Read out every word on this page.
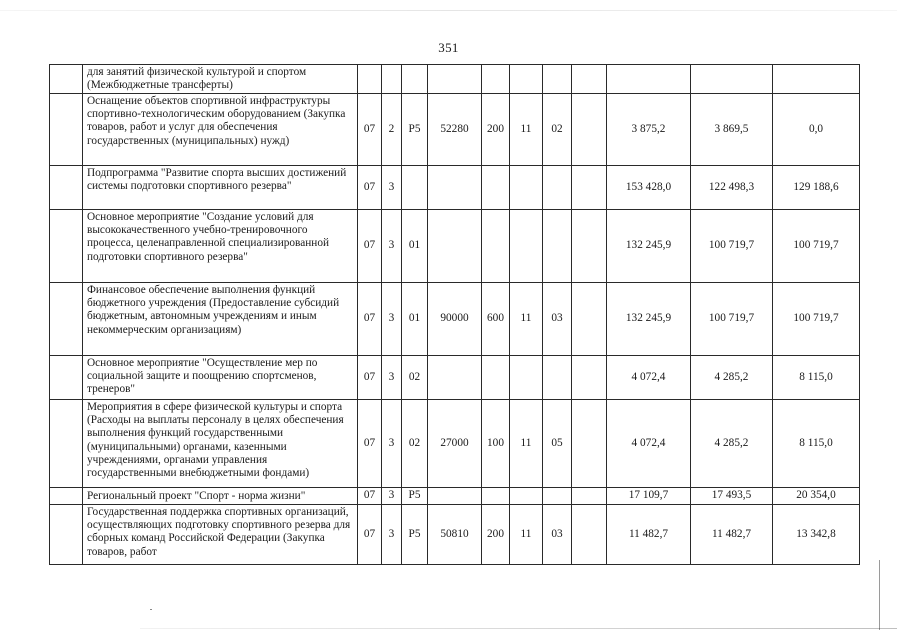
351
	для занятий физической культурой и спортом (Межбюджетные трансферты)											
	Оснащение объектов спортивной инфраструктуры спортивно-технологическим оборудованием (Закупка товаров, работ и услуг для обеспечения государственных (муниципальных) нужд)	07	2	P5	52280	200	11	02		3 875,2	3 869,5	0,0
	Подпрограмма "Развитие спорта высших достижений системы подготовки спортивного резерва"	07	3							153 428,0	122 498,3	129 188,6
	Основное мероприятие "Создание условий для высококачественного учебно-тренировочного процесса, целенаправленной специализированной подготовки спортивного резерва"	07	3	01						132 245,9	100 719,7	100 719,7
	Финансовое обеспечение выполнения функций бюджетного учреждения (Предоставление субсидий бюджетным, автономным учреждениям и иным некоммерческим организациям)	07	3	01	90000	600	11	03		132 245,9	100 719,7	100 719,7
	Основное мероприятие "Осуществление мер по социальной защите и поощрению спортсменов, тренеров"	07	3	02						4 072,4	4 285,2	8 115,0
	Мероприятия в сфере физической культуры и спорта (Расходы на выплаты персоналу в целях обеспечения выполнения функций государственными (муниципальными) органами, казенными учреждениями, органами управления государственными внебюджетными фондами)	07	3	02	27000	100	11	05		4 072,4	4 285,2	8 115,0
	Региональный проект "Спорт - норма жизни"	07	3	P5						17 109,7	17 493,5	20 354,0
	Государственная поддержка спортивных организаций, осуществляющих подготовку спортивного резерва для сборных команд Российской Федерации (Закупка товаров, работ	07	3	P5	50810	200	11	03		11 482,7	11 482,7	13 342,8
